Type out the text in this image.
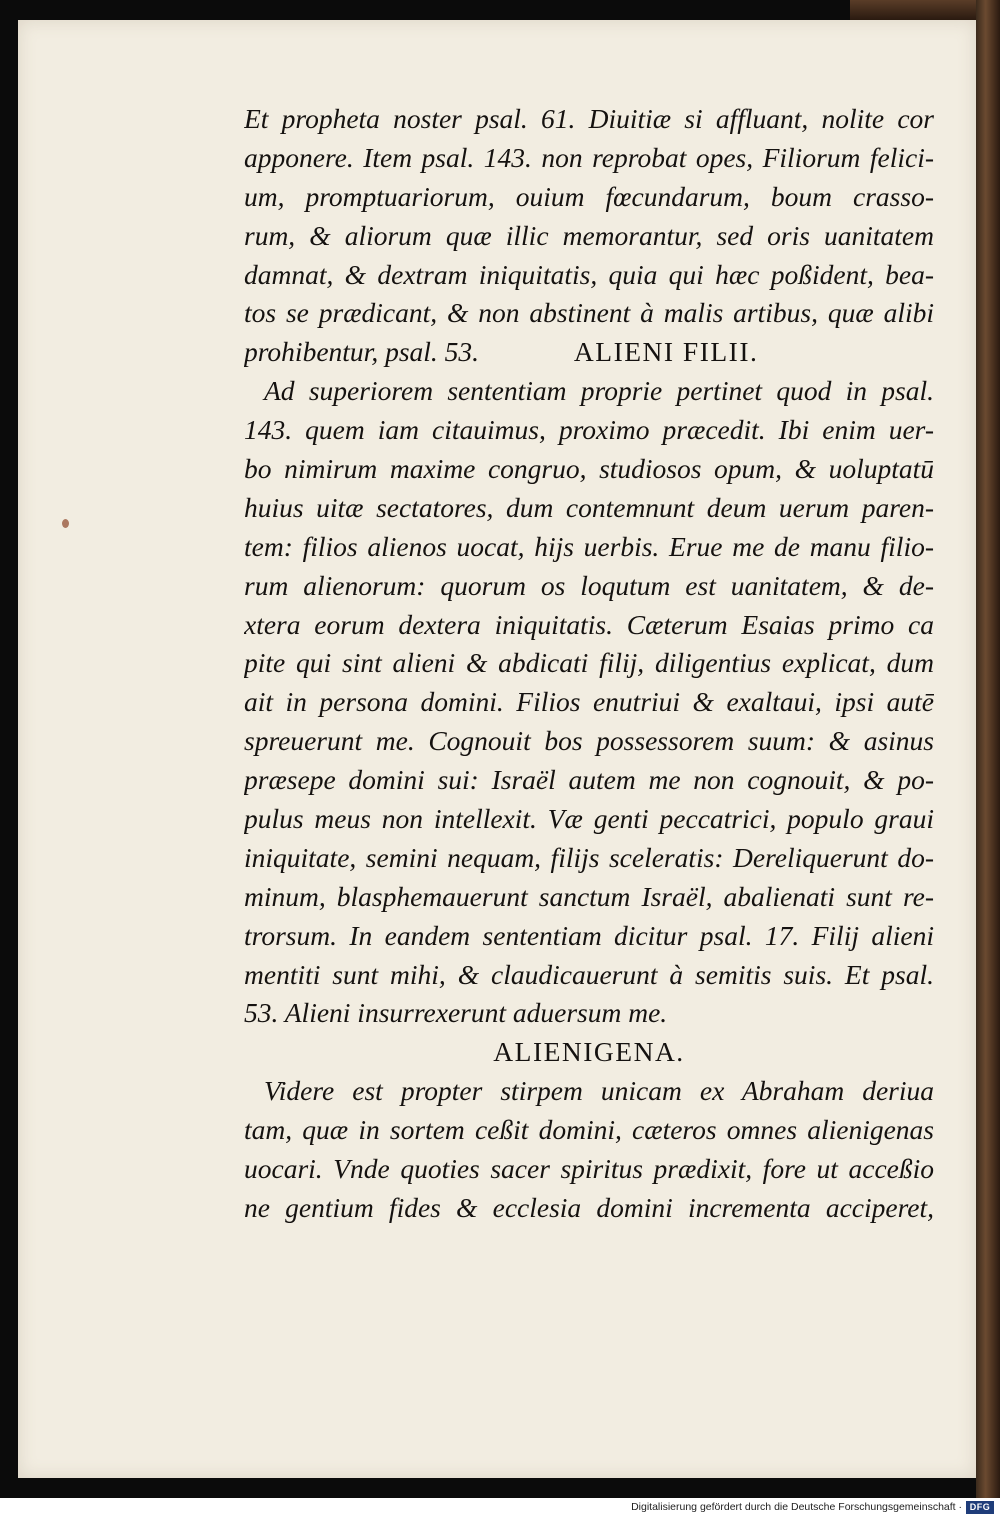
Et propheta noster psal. 61. Diuitiæ si affluant, nolite cor
apponere. Item psal. 143. non reprobat opes, Filiorum felici-
um, promptuariorum, ouium fœcundarum, boum crasso-
rum, & aliorum quæ illic memorantur, sed oris uanitatem
damnat, & dextram iniquitatis, quia qui hæc poßident, bea-
tos se prædicant, & non abstinent à malis artibus, quæ alibi
prohibentur, psal. 53.	ALIENI FILII.
Ad superiorem sententiam proprie pertinet quod in psal.
143. quem iam citauimus, proximo præcedit. Ibi enim uer-
bo nimirum maxime congruo, studiosos opum, & uoluptatū
huius uitæ sectatores, dum contemnunt deum uerum paren-
tem: filios alienos uocat, hijs uerbis. Erue me de manu filio-
rum alienorum: quorum os loqutum est uanitatem, & de-
xtera eorum dextera iniquitatis. Cæterum Esaias primo ca
pite qui sint alieni & abdicati filij, diligentius explicat, dum
ait in persona domini. Filios enutriui & exaltaui, ipsi autē
spreuerunt me. Cognouit bos possessorem suum: & asinus
præsepe domini sui: Israël autem me non cognouit, & po-
pulus meus non intellexit. Væ genti peccatrici, populo graui
iniquitate, semini nequam, filijs sceleratis: Dereliquerunt do-
minum, blasphemauerunt sanctum Israël, abalienati sunt re-
trorsum. In eandem sententiam dicitur psal. 17. Filij alieni
mentiti sunt mihi, & claudicauerunt à semitis suis. Et psal.
53. Alieni insurrexerunt aduersum me.
ALIENIGENA.
Videre est propter stirpem unicam ex Abraham deriua
tam, quæ in sortem ceßit domini, cæteros omnes alienigenas
uocari. Vnde quoties sacer spiritus prædixit, fore ut acceßio
ne gentium fides & ecclesia domini incrementa acciperet,
Digitalisierung gefördert durch die Deutsche Forschungsgemeinschaft · DFG
